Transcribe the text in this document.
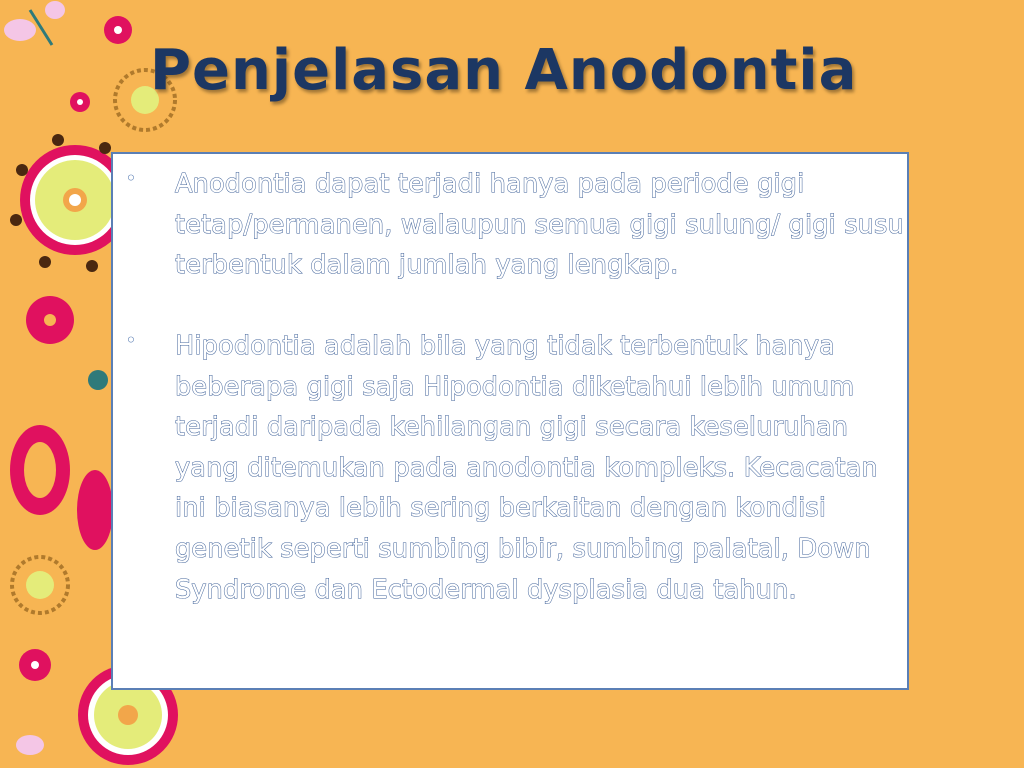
Penjelasan Anodontia
◦ Anodontia dapat terjadi hanya pada periode gigi tetap/permanen, walaupun semua gigi sulung/ gigi susu terbentuk dalam jumlah yang lengkap.
◦ Hipodontia adalah bila yang tidak terbentuk hanya beberapa gigi saja Hipodontia diketahui lebih umum terjadi daripada kehilangan gigi secara keseluruhan yang ditemukan pada anodontia kompleks. Kecacatan ini biasanya lebih sering berkaitan dengan kondisi genetik seperti sumbing bibir, sumbing palatal, Down Syndrome dan Ectodermal dysplasia dua tahun.
